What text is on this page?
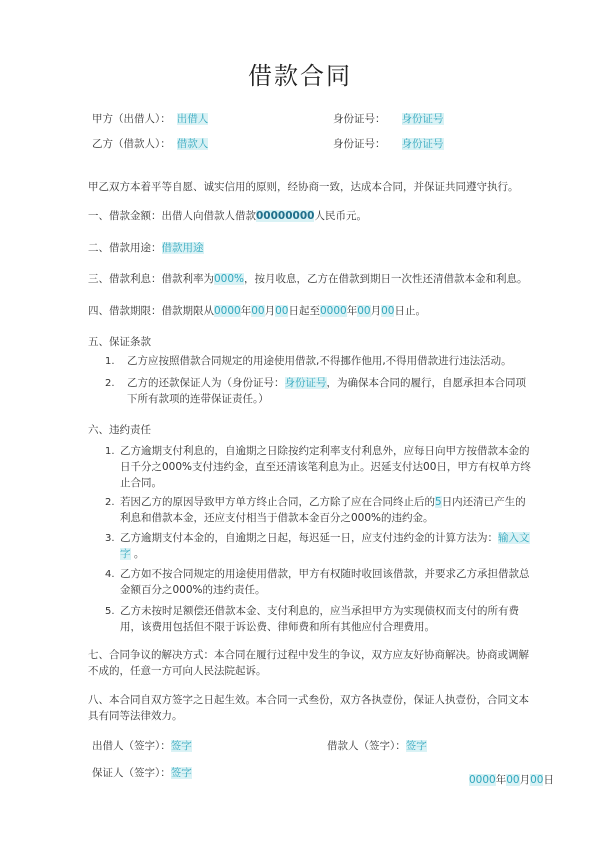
借款合同
甲方（出借人）： 出借人	身份证号： 身份证号
乙方（借款人）： 借款人	身份证号： 身份证号
甲乙双方本着平等自愿、诚实信用的原则，经协商一致，达成本合同，并保证共同遵守执行。
一、借款金额：出借人向借款人借款00000000人民币元。
二、借款用途：借款用途
三、借款利息：借款利率为000%，按月收息，乙方在借款到期日一次性还清借款本金和利息。
四、借款期限：借款期限从0000年00月00日起至0000年00月00日止。
五、保证条款
1. 乙方应按照借款合同规定的用途使用借款,不得挪作他用,不得用借款进行违法活动。
2. 乙方的还款保证人为（身份证号：身份证号，为确保本合同的履行，自愿承担本合同项
下所有款项的连带保证责任。）
六、违约责任
1. 乙方逾期支付利息的，自逾期之日除按约定利率支付利息外，应每日向甲方按借款本金的
日千分之000%支付违约金，直至还清该笔利息为止。迟延支付达00日，甲方有权单方终
止合同。
2. 若因乙方的原因导致甲方单方终止合同，乙方除了应在合同终止后的5日内还清已产生的
利息和借款本金，还应支付相当于借款本金百分之000%的违约金。
3. 乙方逾期支付本金的，自逾期之日起，每迟延一日，应支付违约金的计算方法为：输入文
字 。
4. 乙方如不按合同规定的用途使用借款，甲方有权随时收回该借款，并要求乙方承担借款总
金额百分之000%的违约责任。
5. 乙方未按时足额偿还借款本金、支付利息的，应当承担甲方为实现债权而支付的所有费
用，该费用包括但不限于诉讼费、律师费和所有其他应付合理费用。
七、合同争议的解决方式：本合同在履行过程中发生的争议，双方应友好协商解决。协商或调解
不成的，任意一方可向人民法院起诉。
八、本合同自双方签字之日起生效。本合同一式叁份，双方各执壹份，保证人执壹份，合同文本
具有同等法律效力。
出借人（签字）：签字	借款人（签字）：签字
保证人（签字）：签字
0000年00月00日
